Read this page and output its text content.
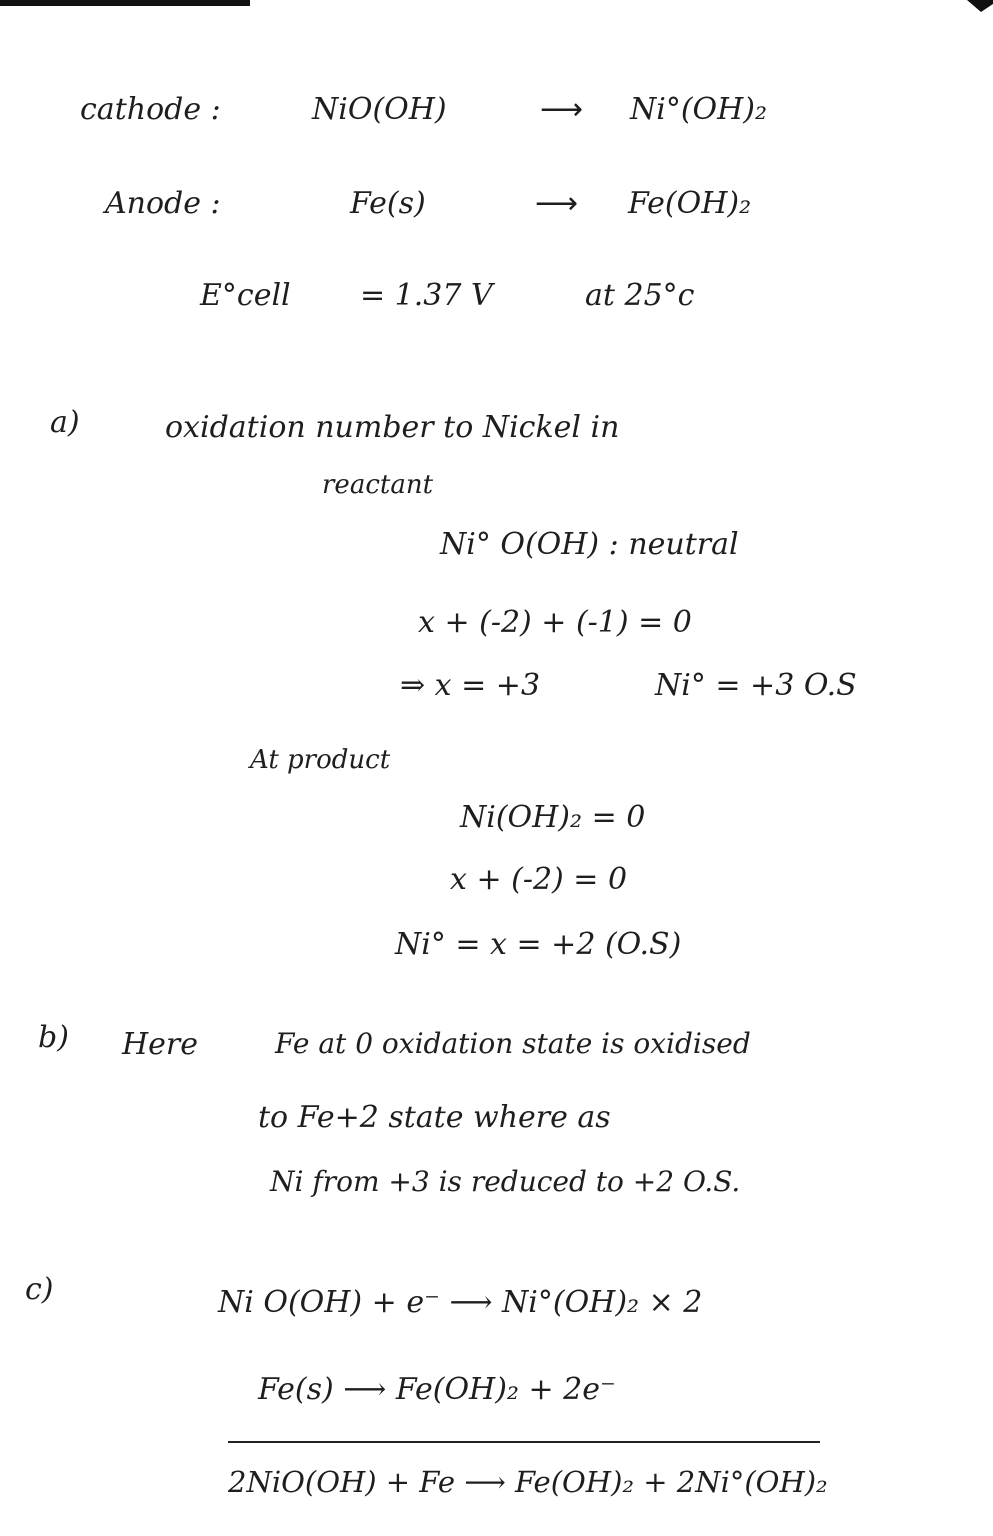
cathode :	NiO(OH)	⟶ Ni°(OH)₂
Anode :	Fe(s)	⟶ Fe(OH)₂
E°cell = 1.37 V	at 25°c
a)	oxidation number to Nickel in
reactant
Ni° O(OH) : neutral
x + (-2) + (-1) = 0
⇒ x = +3	Ni° = +3 O.S
At product
Ni(OH)₂ = 0
x + (-2) = 0
Ni° = x = +2 (O.S)
b) Here	Fe at 0 oxidation state is oxidised
to Fe+2 state where as
Ni from +3 is reduced to +2 O.S.
c)	Ni O(OH) + e⁻ ⟶ Ni°(OH)₂ × 2
Fe(s) ⟶ Fe(OH)₂ + 2e⁻
2NiO(OH) + Fe ⟶ Fe(OH)₂ + 2Ni°(OH)₂
